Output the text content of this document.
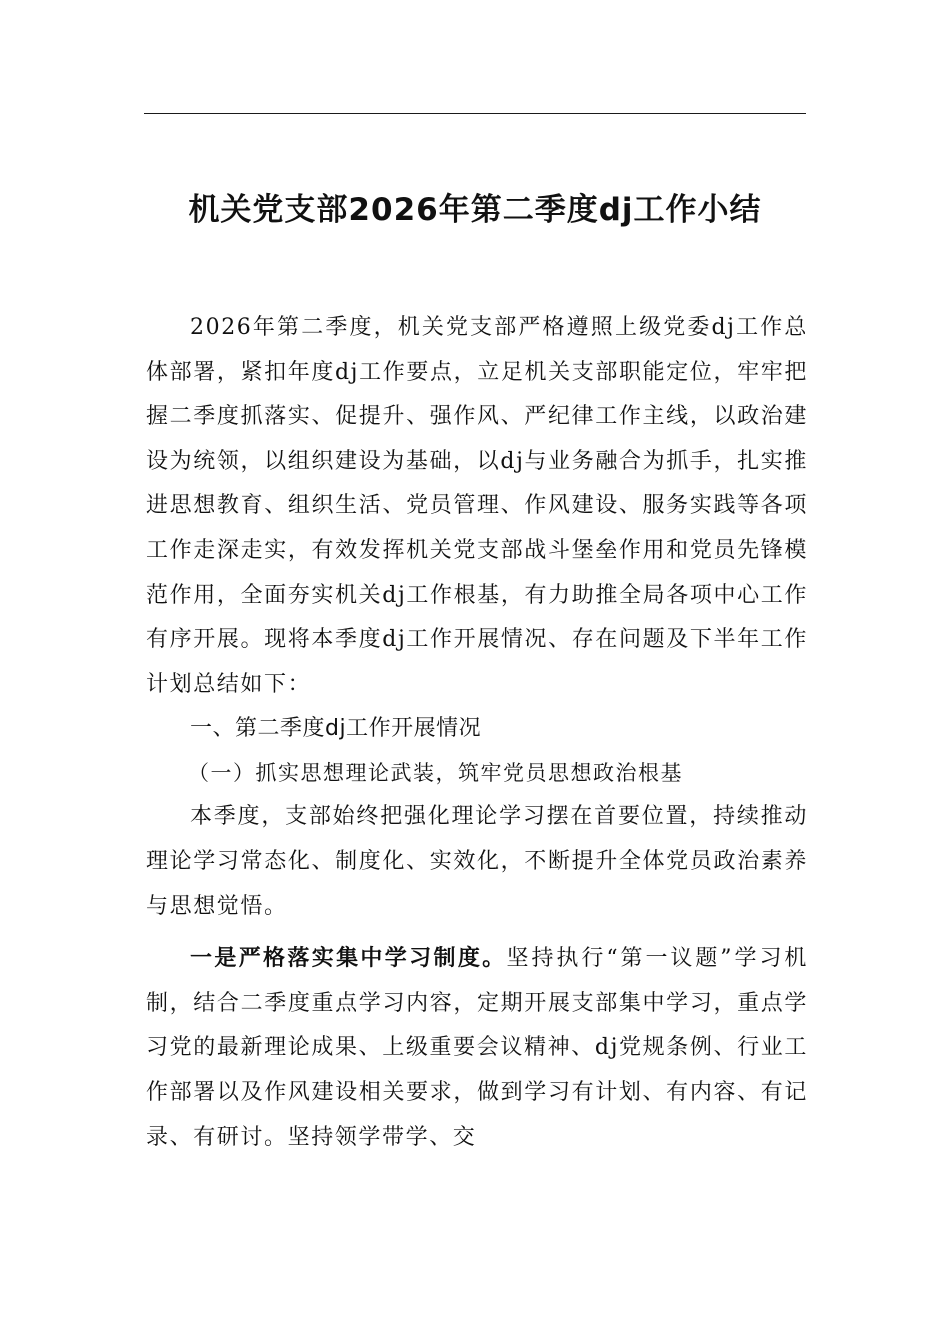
机关党支部2026年第二季度dj工作小结

2026年第二季度，机关党支部严格遵照上级党委dj工作总体部署，紧扣年度dj工作要点，立足机关支部职能定位，牢牢把握二季度抓落实、促提升、强作风、严纪律工作主线，以政治建设为统领，以组织建设为基础，以dj与业务融合为抓手，扎实推进思想教育、组织生活、党员管理、作风建设、服务实践等各项工作走深走实，有效发挥机关党支部战斗堡垒作用和党员先锋模范作用，全面夯实机关dj工作根基，有力助推全局各项中心工作有序开展。现将本季度dj工作开展情况、存在问题及下半年工作计划总结如下：

一、第二季度dj工作开展情况

（一）抓实思想理论武装，筑牢党员思想政治根基

本季度，支部始终把强化理论学习摆在首要位置，持续推动理论学习常态化、制度化、实效化，不断提升全体党员政治素养与思想觉悟。

一是严格落实集中学习制度。坚持执行“第一议题”学习机制，结合二季度重点学习内容，定期开展支部集中学习，重点学习党的最新理论成果、上级重要会议精神、dj党规条例、行业工作部署以及作风建设相关要求，做到学习有计划、有内容、有记录、有研讨。坚持领学带学、交
